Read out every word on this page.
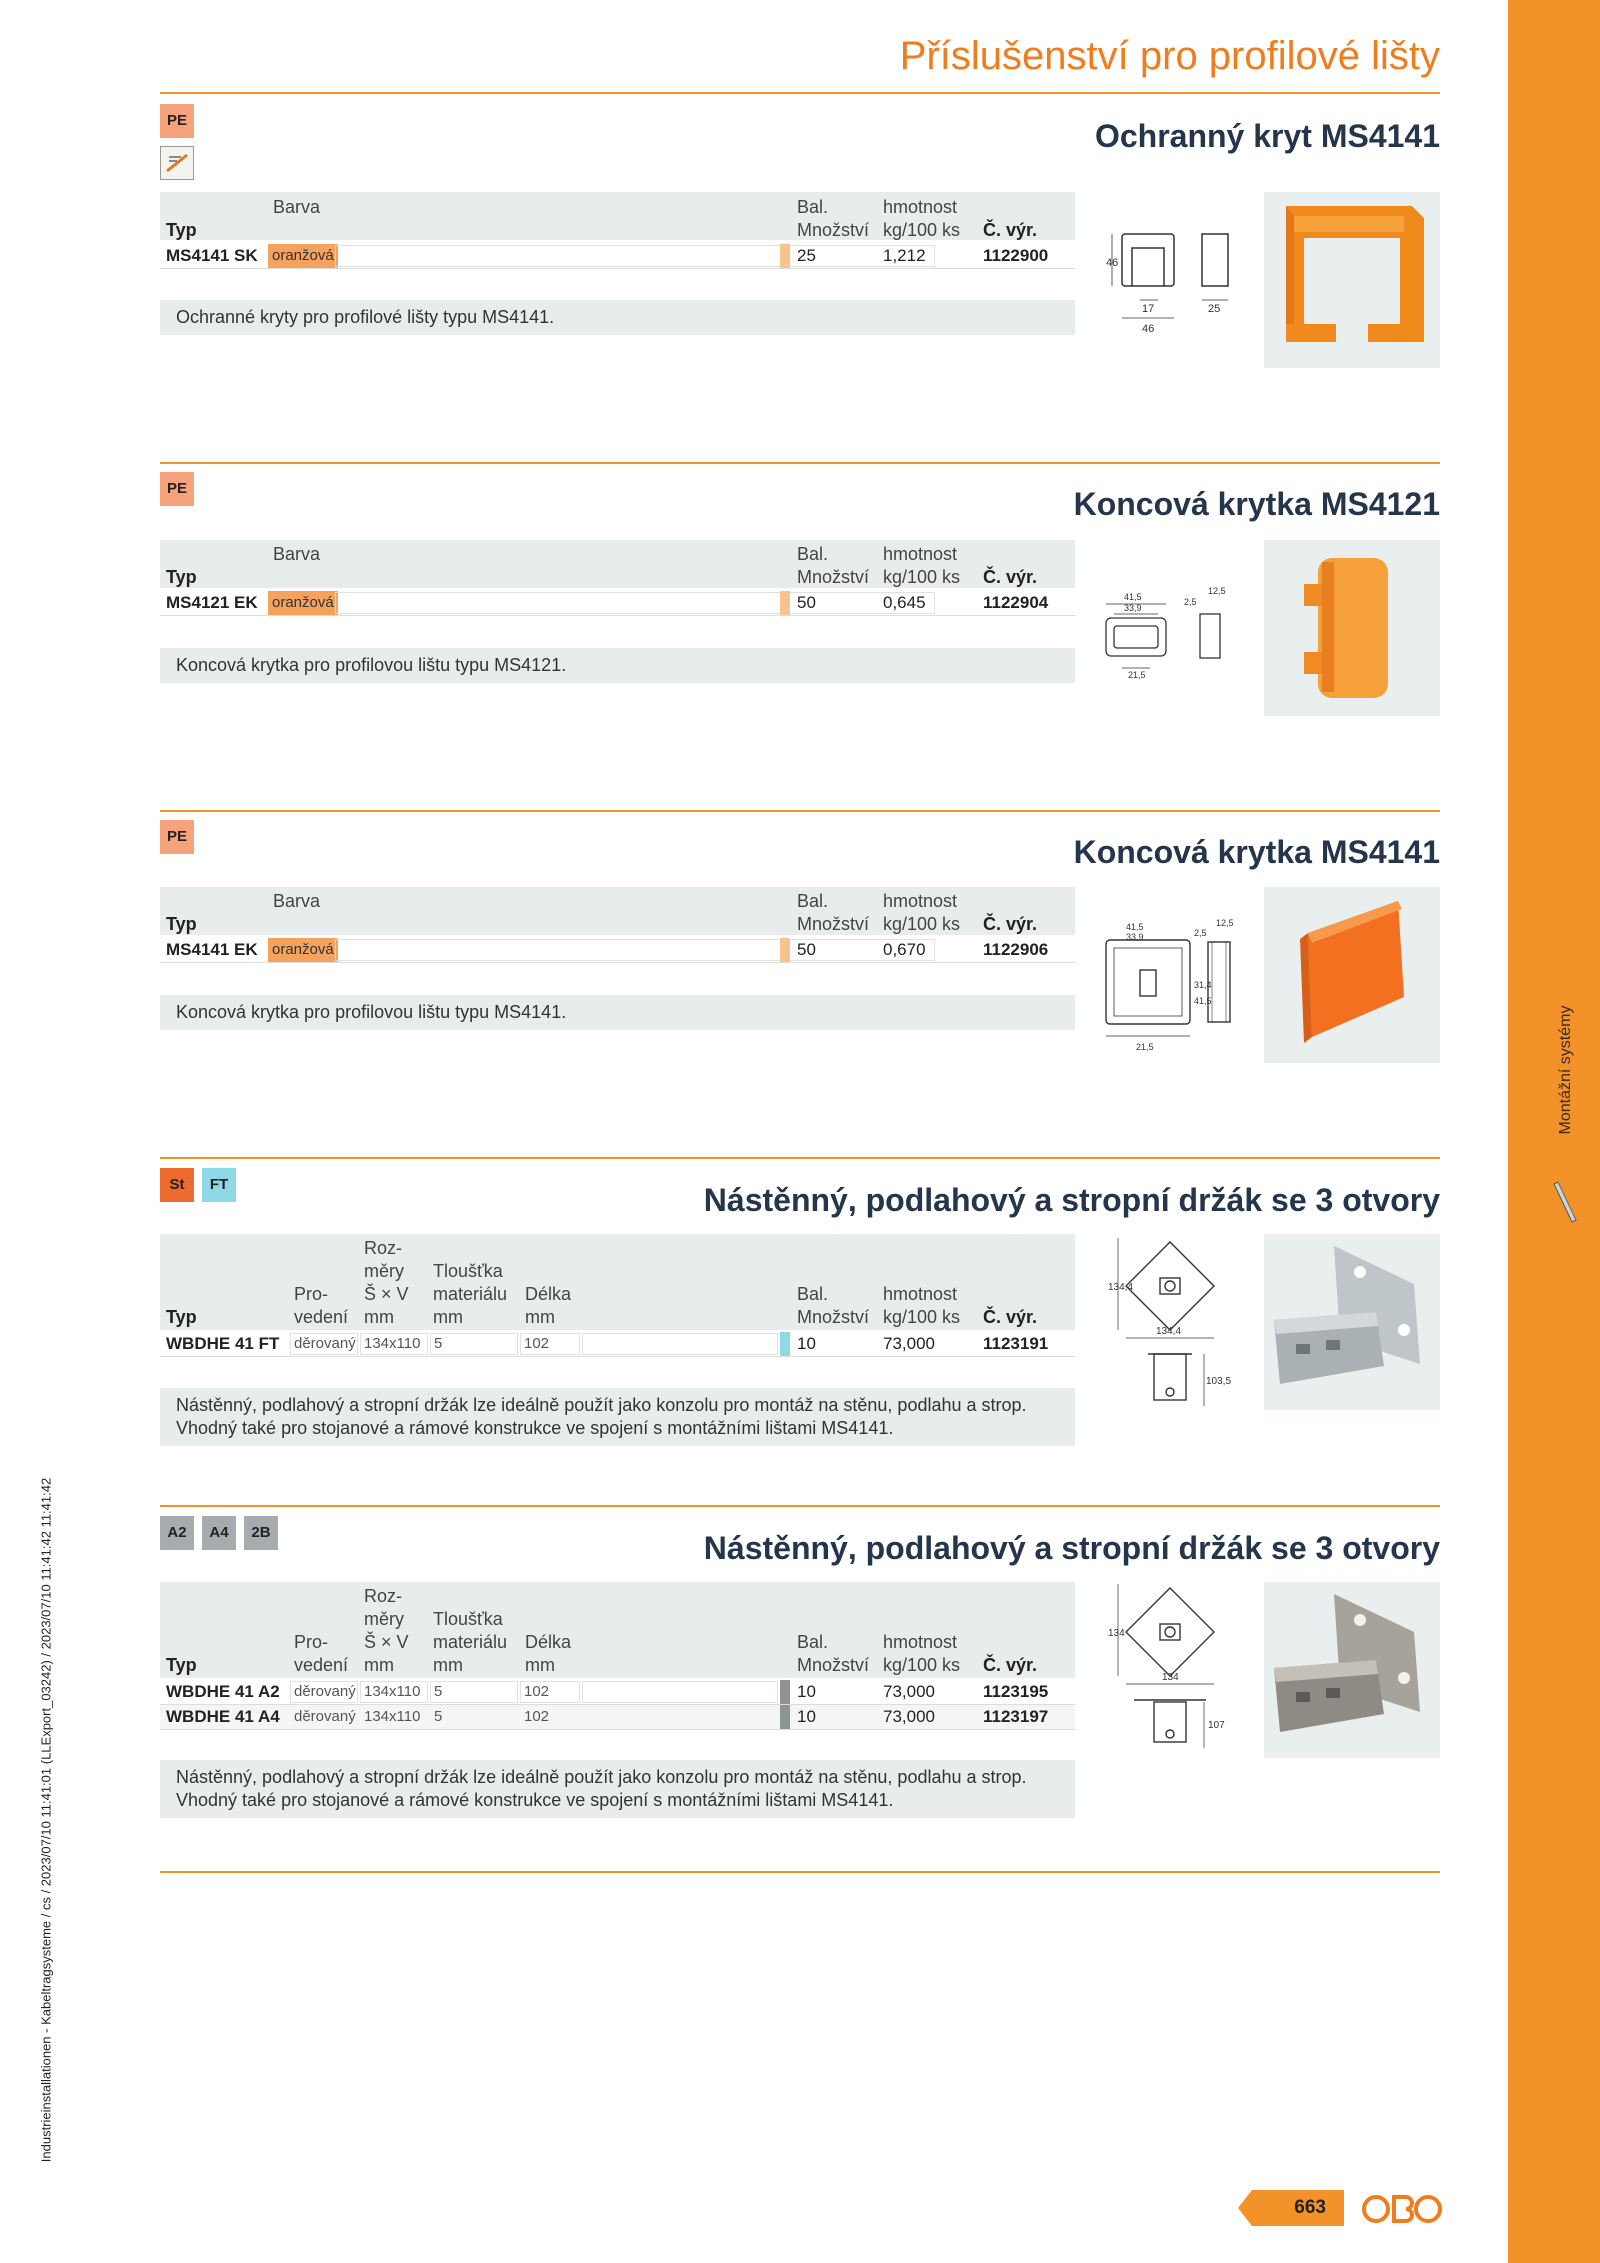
Montážní systémy
Industrieinstallationen - Kabeltragsysteme / cs / 2023/07/10 11:41:01 (LLExport_03242) / 2023/07/10 11:41:42 11:41:42
Příslušenství pro profilové lišty
PE	Ochranný kryt MS4141
Barva
Typ
Bal.
Množství
hmotnost
kg/100 ks Č. výr.
MS4141 SK oranžová	25	1,212	1122900
Ochranné kryty pro profilové lišty typu MS4141.
46
17
46
25
PE	Koncová krytka MS4121
Barva
Typ
Bal.
Množství
hmotnost
kg/100 ks Č. výr.
MS4121 EK oranžová	50	0,645	1122904
Koncová krytka pro profilovou lištu typu MS4121.
41,5
33,9
2,5
12,5
21,5
PE	Koncová krytka MS4141
Barva
Typ
Bal.
Množství
hmotnost
kg/100 ks Č. výr.
MS4141 EK oranžová	50	0,670	1122906
Koncová krytka pro profilovou lištu typu MS4141.
41,5
33,9	2,5
12,5
31,4
41,5
21,5
St	FT	Nástěnný, podlahový a stropní držák se 3 otvory
Typ
Pro-
vedení
Roz-
měry
Š × V
mm
Tloušťka
materiálu
mm
Délka
mm
Bal.
Množství
hmotnost
kg/100 ks Č. výr.
WBDHE 41 FT děrovaný 134x110 5	102	10	73,000	1123191
Nástěnný, podlahový a stropní držák lze ideálně použít jako konzolu pro montáž na stěnu, podlahu a strop.
Vhodný také pro stojanové a rámové konstrukce ve spojení s montážními lištami MS4141.
134,4
134,4
103,5
A2	A4	2B	Nástěnný, podlahový a stropní držák se 3 otvory
Typ
Pro-
vedení
Roz-
měry
Š × V
mm
Tloušťka
materiálu
mm
Délka
mm
Bal.
Množství
hmotnost
kg/100 ks Č. výr.
WBDHE 41 A2 děrovaný 134x110 5	102	10	73,000	1123195
WBDHE 41 A4 děrovaný 134x110 5	102	10	73,000	1123197
Nástěnný, podlahový a stropní držák lze ideálně použít jako konzolu pro montáž na stěnu, podlahu a strop.
Vhodný také pro stojanové a rámové konstrukce ve spojení s montážními lištami MS4141.
134
134
107
663
